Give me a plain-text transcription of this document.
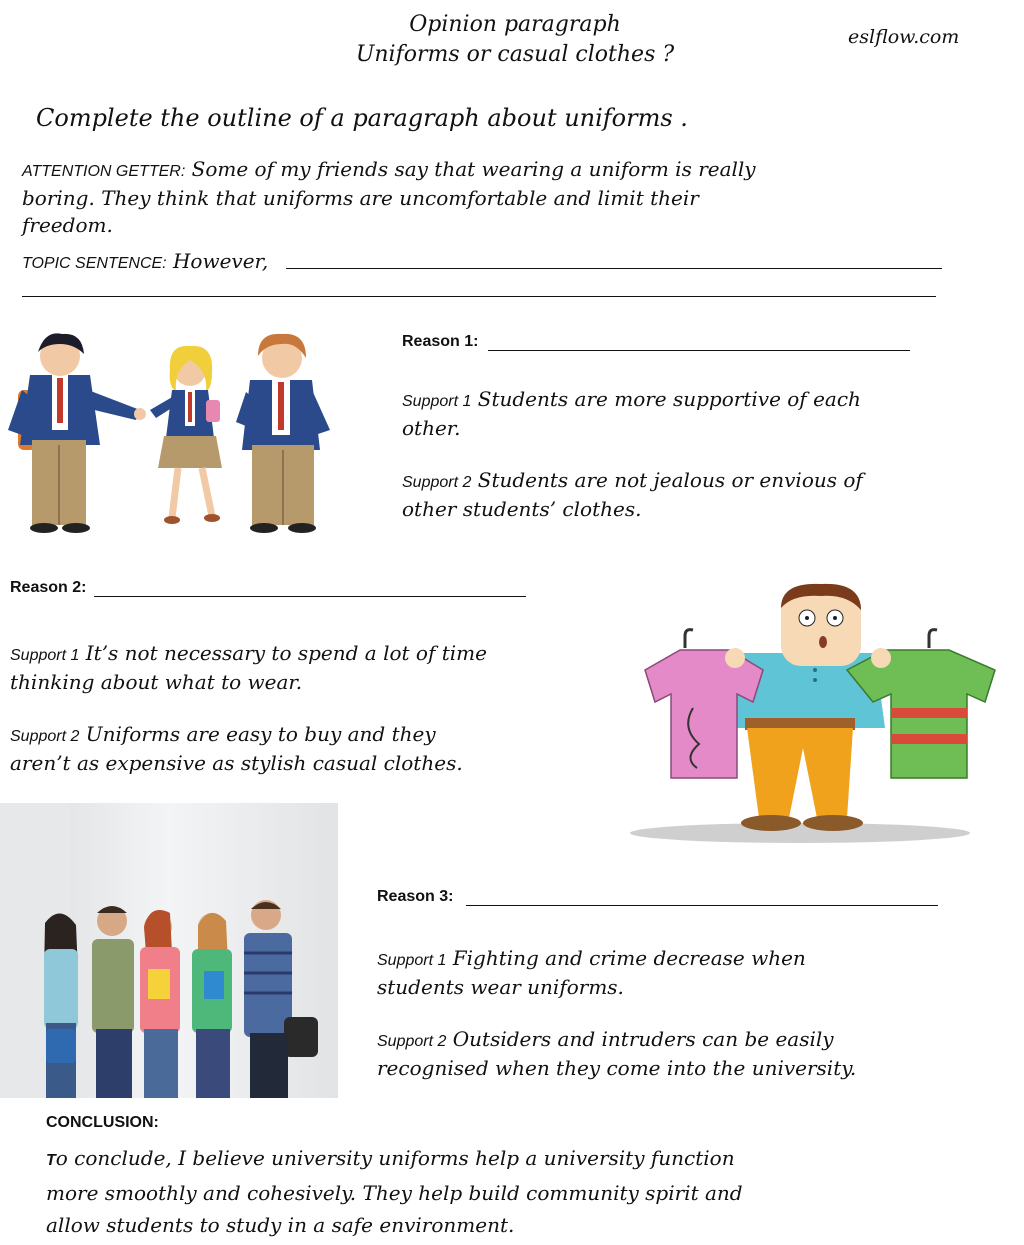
Opinion paragraph
Uniforms or casual clothes ?
eslflow.com
Complete the outline of a paragraph about uniforms .
ATTENTION GETTER: Some of my friends say that wearing a uniform is really
boring. They think that uniforms are uncomfortable and limit their
freedom.
TOPIC SENTENCE: However,
Reason 1:
Support 1 Students are more supportive of each
other.
Support 2 Students are not jealous or envious of
other students’ clothes.
Reason 2:
Support 1 It’s not necessary to spend a lot of time
thinking about what to wear.
Support 2 Uniforms are easy to buy and they
aren’t as expensive as stylish casual clothes.
Reason 3:
Support 1 Fighting and crime decrease when
students wear uniforms.
Support 2 Outsiders and intruders can be easily
recognised when they come into the university.
CONCLUSION:
To conclude, I believe university uniforms help a university function
more smoothly and cohesively. They help build community spirit and
allow students to study in a safe environment.
